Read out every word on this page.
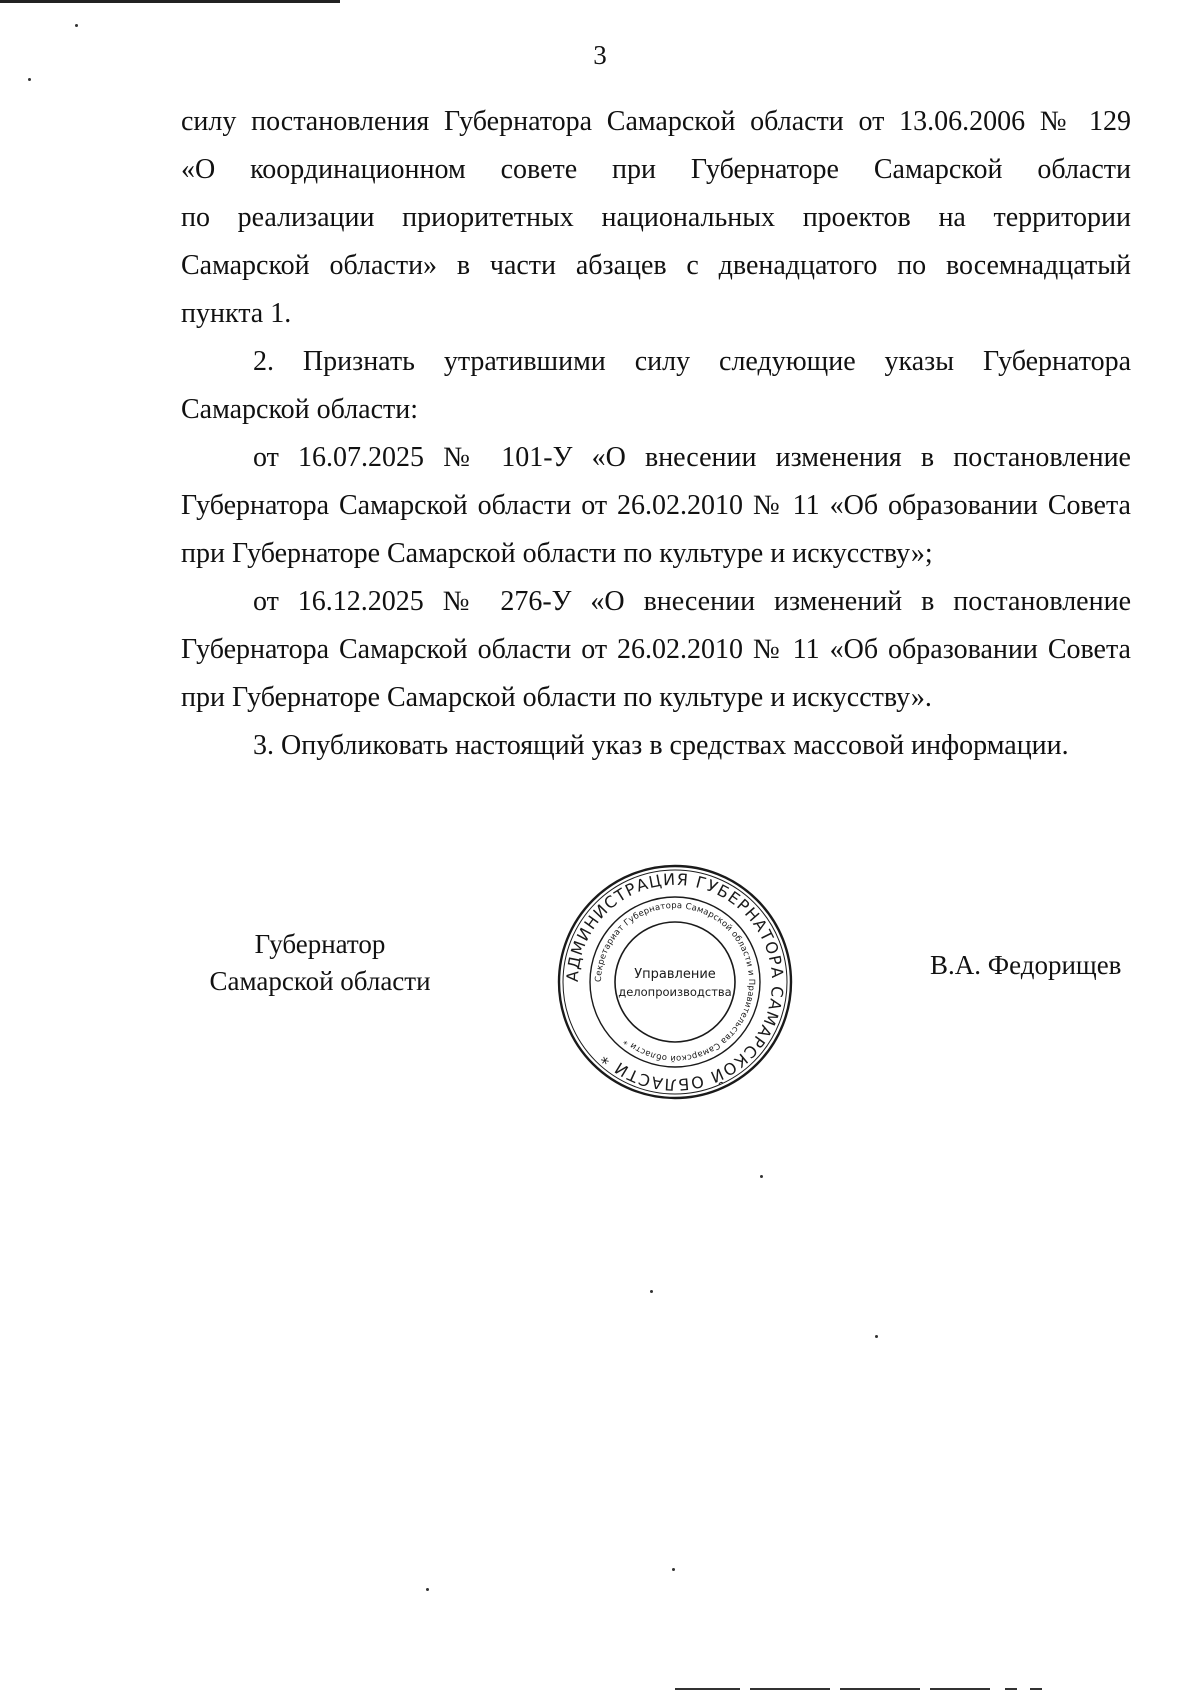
3

силу постановления Губернатора Самарской области от 13.06.2006 № 129

«О координационном совете при Губернаторе Самарской области

по реализации приоритетных национальных проектов на территории

Самарской области» в части абзацев с двенадцатого по восемнадцатый

пункта 1.

2. Признать утратившими силу следующие указы Губернатора Самарской области:

от 16.07.2025 № 101-У «О внесении изменения в постановление Губернатора Самарской области от 26.02.2010 № 11 «Об образовании Совета при Губернаторе Самарской области по культуре и искусству»;

от 16.12.2025 № 276-У «О внесении изменений в постановление Губернатора Самарской области от 26.02.2010 № 11 «Об образовании Совета при Губернаторе Самарской области по культуре и искусству».

3. Опубликовать настоящий указ в средствах массовой информации.

Губернатор
Самарской области	АДМИНИСТРАЦИЯ ГУБЕРНАТОРА САМАРСКОЙ ОБЛАСТИ *
Секретариат Губернатора Самарской области и Правительства Самарской области *
Управление
делопроизводства
В.А. Федорищев
